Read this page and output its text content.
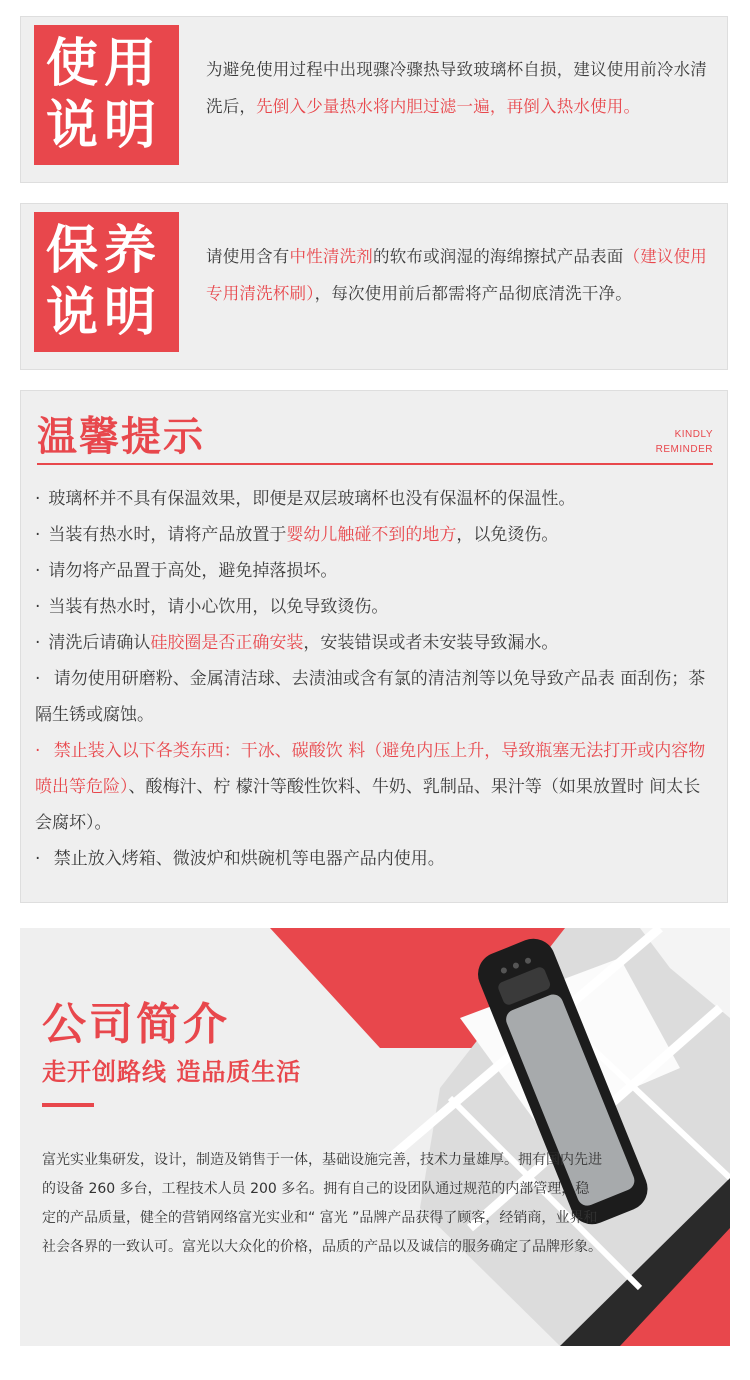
使用
说明
为避免使用过程中出现骤冷骤热导致玻璃杯自损，建议使用前冷水清洗后，先倒入少量热水将内胆过滤一遍，再倒入热水使用。
保养
说明
请使用含有中性清洗剂的软布或润湿的海绵擦拭产品表面（建议使用专用清洗杯刷），每次使用前后都需将产品彻底清洗干净。
温馨提示	KINDLY
REMINDER

· 玻璃杯并不具有保温效果，即便是双层玻璃杯也没有保温杯的保温性。

· 当装有热水时，请将产品放置于婴幼儿触碰不到的地方，以免烫伤。

· 请勿将产品置于高处，避免掉落损坏。

· 当装有热水时，请小心饮用，以免导致烫伤。

· 清洗后请确认硅胶圈是否正确安装，安装错误或者未安装导致漏水。

· 请勿使用研磨粉、金属清洁球、去渍油或含有氯的清洁剂等以免导致产品表 面刮伤；茶隔生锈或腐蚀。

· 禁止装入以下各类东西：干冰、碳酸饮 料（避免内压上升，导致瓶塞无法打开或内容物喷出等危险）、酸梅汁、柠 檬汁等酸性饮料、牛奶、乳制品、果汁等（如果放置时 间太长会腐坏）。

· 禁止放入烤箱、微波炉和烘碗机等电器产品内使用。

公司简介
走开创路线 造品质生活
富光实业集研发，设计，制造及销售于一体，基础设施完善，技术力量雄厚。拥有国内先进的设备 260 多台，工程技术人员 200 多名。拥有自己的设团队通过规范的内部管理，稳定的产品质量，健全的营销网络富光实业和“ 富光 ”品牌产品获得了顾客，经销商，业界和社会各界的一致认可。富光以大众化的价格，品质的产品以及诚信的服务确定了品牌形象。
